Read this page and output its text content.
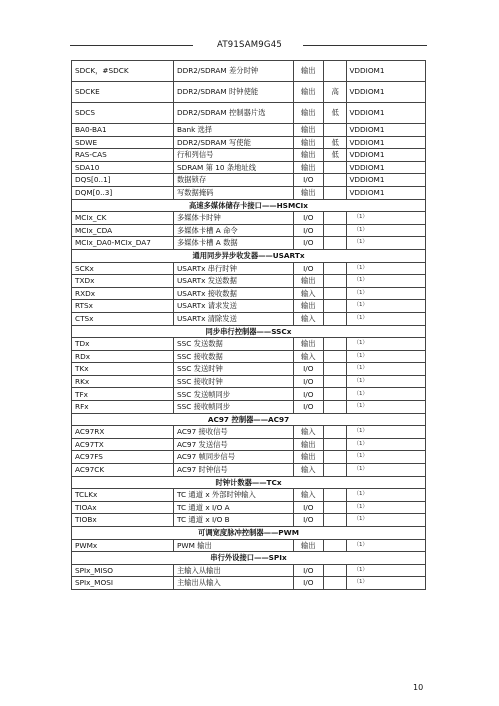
AT91SAM9G45
SDCK，#SDCK	DDR2/SDRAM 差分时钟	输出		VDDIOM1
SDCKE	DDR2/SDRAM 时钟使能	输出	高	VDDIOM1
SDCS	DDR2/SDRAM 控制器片选	输出	低	VDDIOM1
BA0-BA1	Bank 选择	输出		VDDIOM1
SDWE	DDR2/SDRAM 写使能	输出	低	VDDIOM1
RAS-CAS	行和列信号	输出	低	VDDIOM1
SDA10	SDRAM 第 10 条地址线	输出		VDDIOM1
DQS[0..1]	数据锁存	I/O		VDDIOM1
DQM[0..3]	写数据掩码	输出		VDDIOM1
高速多媒体储存卡接口——HSMCIx				
MCIx_CK	多媒体卡时钟	I/O		（1）
MCIx_CDA	多媒体卡槽 A 命令	I/O		（1）
MCIx_DA0-MCIx_DA7	多媒体卡槽 A 数据	I/O		（1）
通用同步异步收发器——USARTx				
SCKx	USARTx 串行时钟	I/O		（1）
TXDx	USARTx 发送数据	输出		（1）
RXDx	USARTx 接收数据	输入		（1）
RTSx	USARTx 请求发送	输出		（1）
CTSx	USARTx 清除发送	输入		（1）
同步串行控制器——SSCx				
TDx	SSC 发送数据	输出		（1）
RDx	SSC 接收数据	输入		（1）
TKx	SSC 发送时钟	I/O		（1）
RKx	SSC 接收时钟	I/O		（1）
TFx	SSC 发送帧同步	I/O		（1）
RFx	SSC 接收帧同步	I/O		（1）
AC97 控制器——AC97				
AC97RX	AC97 接收信号	输入		（1）
AC97TX	AC97 发送信号	输出		（1）
AC97FS	AC97 帧同步信号	输出		（1）
AC97CK	AC97 时钟信号	输入		（1）
时钟计数器——TCx				
TCLKx	TC 通道 x 外部时钟输入	输入		（1）
TIOAx	TC 通道 x I/O A	I/O		（1）
TIOBx	TC 通道 x I/O B	I/O		（1）
可调宽度脉冲控制器——PWM				
PWMx	PWM 输出	输出		（1）
串行外设接口——SPIx				
SPIx_MISO	主输入从输出	I/O		（1）
SPIx_MOSI	主输出从输入	I/O		（1）
10
